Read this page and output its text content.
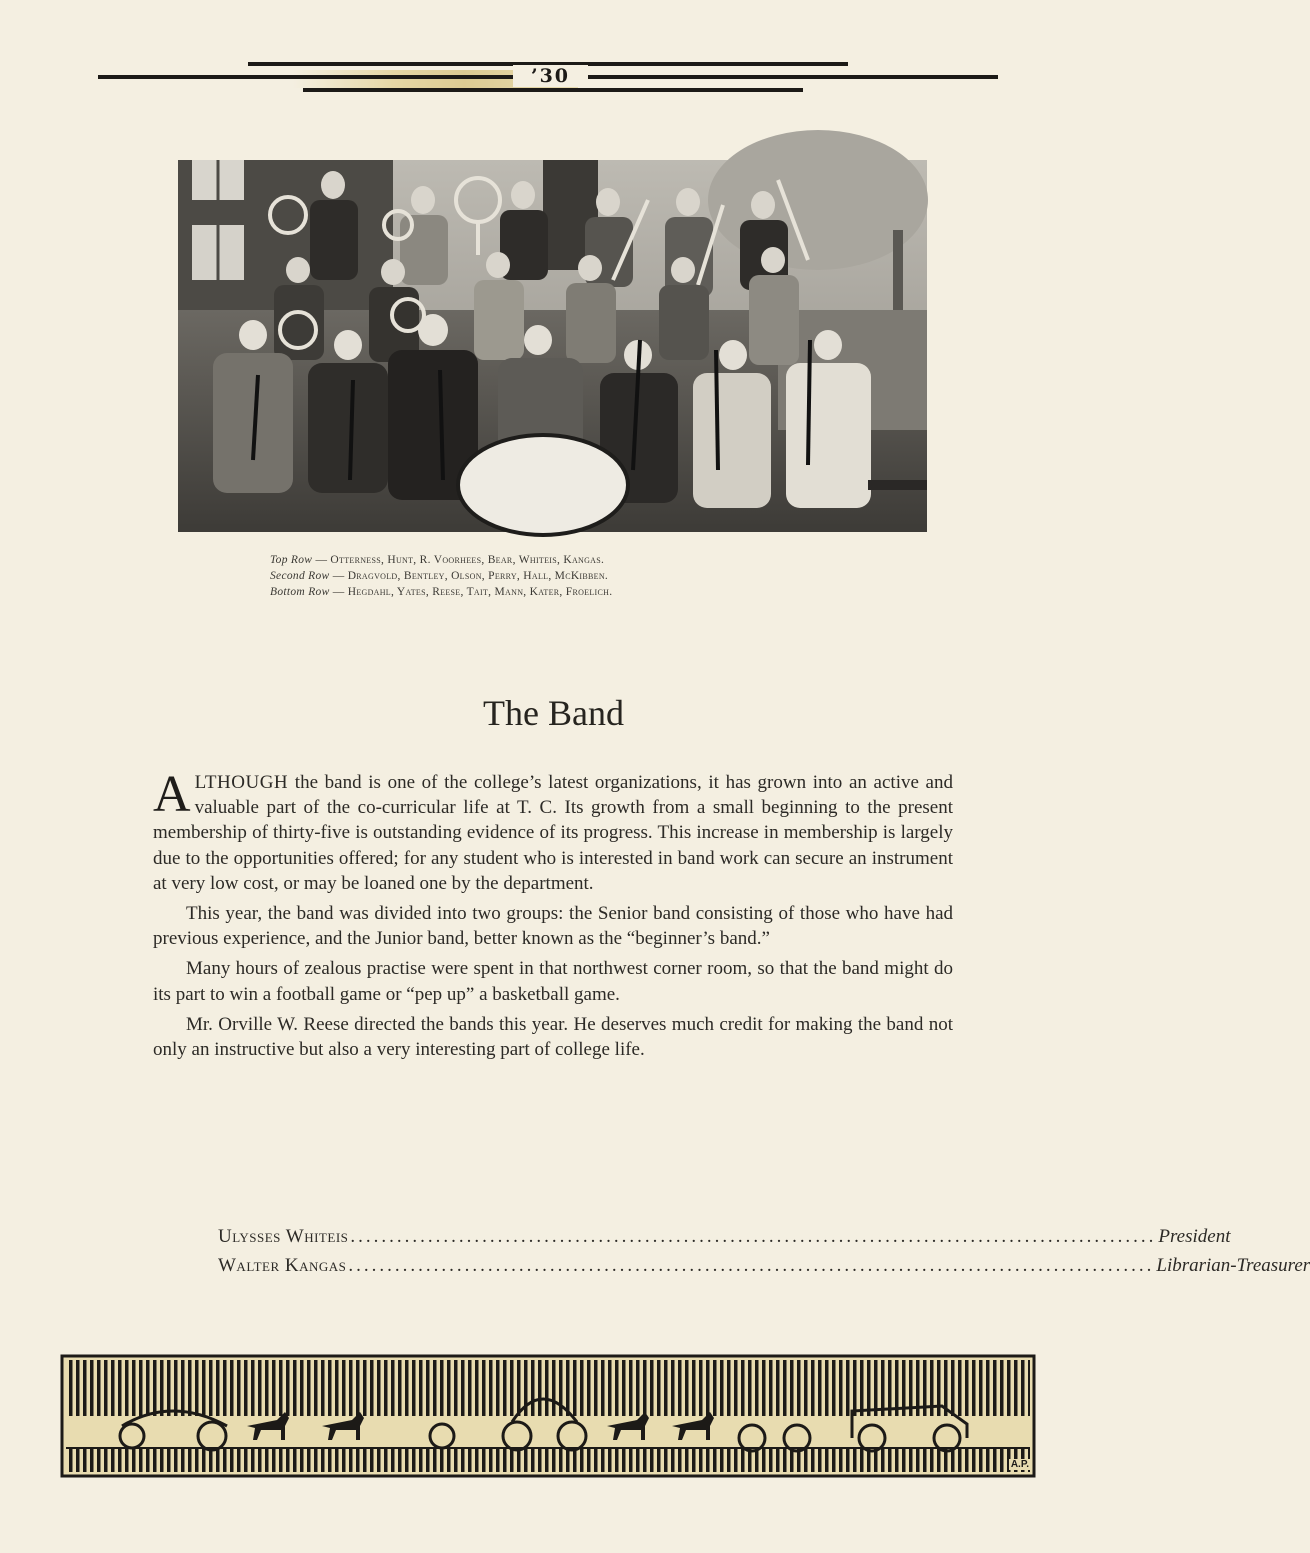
’30
Top Row — Otterness, Hunt, R. Voorhees, Bear, Whiteis, Kangas.
Second Row — Dragvold, Bentley, Olson, Perry, Hall, McKibben.
Bottom Row — Hegdahl, Yates, Reese, Tait, Mann, Kater, Froelich.
The Band

ALTHOUGH the band is one of the college’s latest organizations, it has grown into an active and valuable part of the co-curricular life at T. C. Its growth from a small beginning to the present membership of thirty-five is outstanding evidence of its progress. This increase in membership is largely due to the opportunities offered; for any student who is interested in band work can secure an instrument at very low cost, or may be loaned one by the department.

This year, the band was divided into two groups: the Senior band consisting of those who have had previous experience, and the Junior band, better known as the “beginner’s band.”

Many hours of zealous practise were spent in that northwest corner room, so that the band might do its part to win a football game or “pep up” a basketball game.

Mr. Orville W. Reese directed the bands this year. He deserves much credit for making the band not only an instructive but also a very interesting part of college life.

Ulysses Whiteis ........................................................................................................ President
Walter Kangas ........................................................................................................ Librarian-Treasurer
A.P.
